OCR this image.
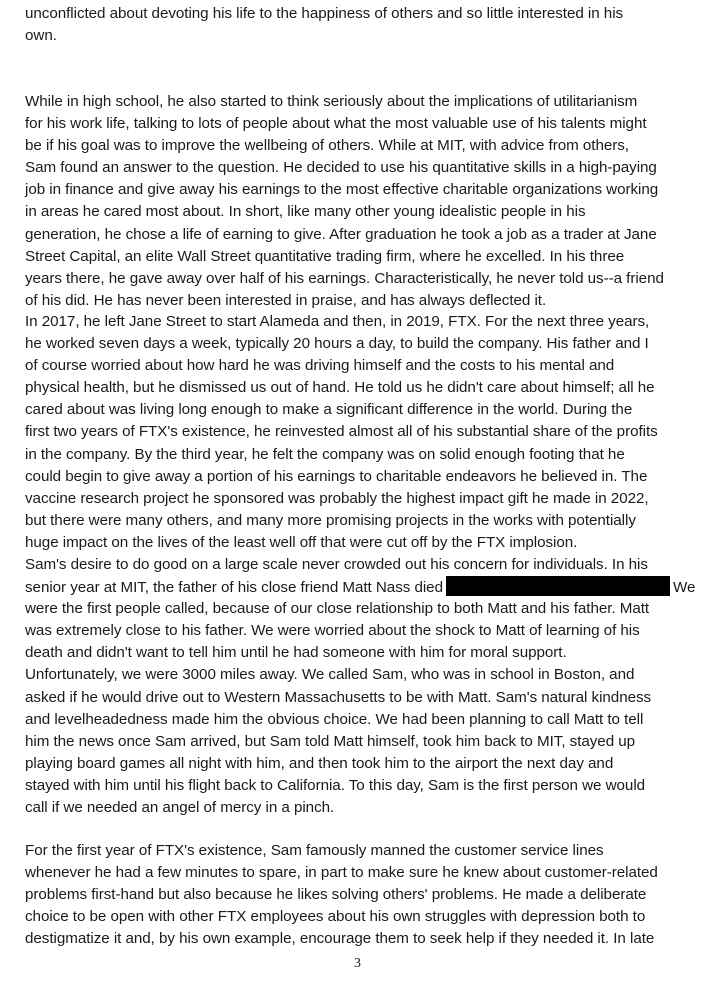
unconflicted about devoting his life to the happiness of others and so little interested in his
own.
While in high school, he also started to think seriously about the implications of utilitarianism
for his work life, talking to lots of people about what the most valuable use of his talents might
be if his goal was to improve the wellbeing of others. While at MIT, with advice from others,
Sam found an answer to the question. He decided to use his quantitative skills in a high-paying
job in finance and give away his earnings to the most effective charitable organizations working
in areas he cared most about. In short, like many other young idealistic people in his
generation, he chose a life of earning to give. After graduation he took a job as a trader at Jane
Street Capital, an elite Wall Street quantitative trading firm, where he excelled. In his three
years there, he gave away over half of his earnings. Characteristically, he never told us--a friend
of his did. He has never been interested in praise, and has always deflected it.
In 2017, he left Jane Street to start Alameda and then, in 2019, FTX. For the next three years,
he worked seven days a week, typically 20 hours a day, to build the company. His father and I
of course worried about how hard he was driving himself and the costs to his mental and
physical health, but he dismissed us out of hand. He told us he didn't care about himself; all he
cared about was living long enough to make a significant difference in the world. During the
first two years of FTX's existence, he reinvested almost all of his substantial share of the profits
in the company. By the third year, he felt the company was on solid enough footing that he
could begin to give away a portion of his earnings to charitable endeavors he believed in. The
vaccine research project he sponsored was probably the highest impact gift he made in 2022,
but there were many others, and many more promising projects in the works with potentially
huge impact on the lives of the least well off that were cut off by the FTX implosion.
Sam's desire to do good on a large scale never crowded out his concern for individuals. In his
senior year at MIT, the father of his close friend Matt Nass died	We
were the first people called, because of our close relationship to both Matt and his father. Matt
was extremely close to his father. We were worried about the shock to Matt of learning of his
death and didn't want to tell him until he had someone with him for moral support.
Unfortunately, we were 3000 miles away. We called Sam, who was in school in Boston, and
asked if he would drive out to Western Massachusetts to be with Matt. Sam's natural kindness
and levelheadedness made him the obvious choice. We had been planning to call Matt to tell
him the news once Sam arrived, but Sam told Matt himself, took him back to MIT, stayed up
playing board games all night with him, and then took him to the airport the next day and
stayed with him until his flight back to California. To this day, Sam is the first person we would
call if we needed an angel of mercy in a pinch.
For the first year of FTX's existence, Sam famously manned the customer service lines
whenever he had a few minutes to spare, in part to make sure he knew about customer-related
problems first-hand but also because he likes solving others' problems. He made a deliberate
choice to be open with other FTX employees about his own struggles with depression both to
destigmatize it and, by his own example, encourage them to seek help if they needed it. In late
3
